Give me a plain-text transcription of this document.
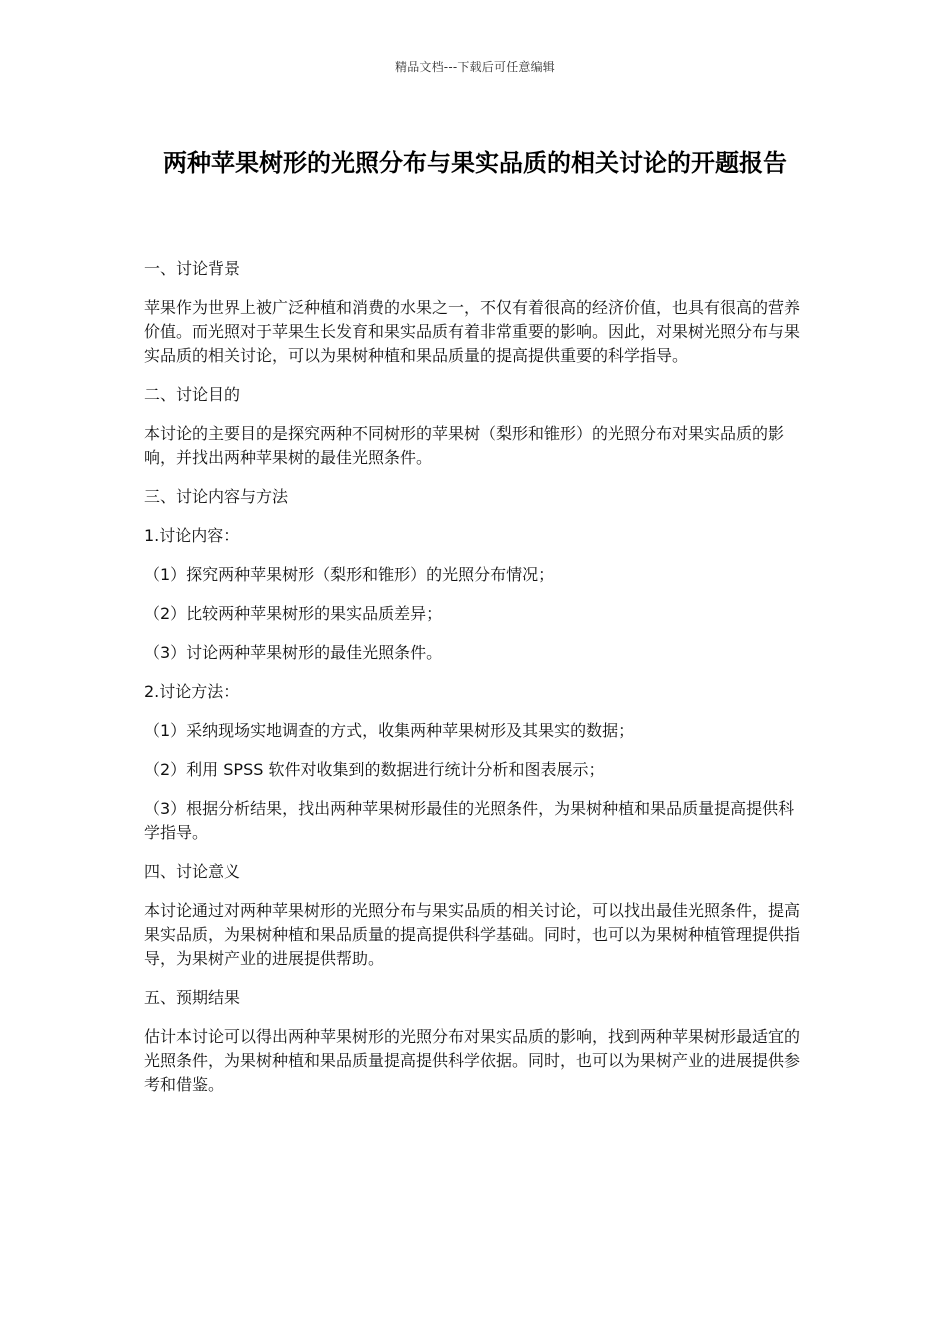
精品文档---下载后可任意编辑
两种苹果树形的光照分布与果实品质的相关讨论的开题报告

一、讨论背景

苹果作为世界上被广泛种植和消费的水果之一，不仅有着很高的经济价值，也具有很高的营养价值。而光照对于苹果生长发育和果实品质有着非常重要的影响。因此，对果树光照分布与果实品质的相关讨论，可以为果树种植和果品质量的提高提供重要的科学指导。

二、讨论目的

本讨论的主要目的是探究两种不同树形的苹果树（梨形和锥形）的光照分布对果实品质的影响，并找出两种苹果树的最佳光照条件。

三、讨论内容与方法

1.讨论内容：

（1）探究两种苹果树形（梨形和锥形）的光照分布情况；

（2）比较两种苹果树形的果实品质差异；

（3）讨论两种苹果树形的最佳光照条件。

2.讨论方法：

（1）采纳现场实地调查的方式，收集两种苹果树形及其果实的数据；

（2）利用 SPSS 软件对收集到的数据进行统计分析和图表展示；

（3）根据分析结果，找出两种苹果树形最佳的光照条件，为果树种植和果品质量提高提供科学指导。

四、讨论意义

本讨论通过对两种苹果树形的光照分布与果实品质的相关讨论，可以找出最佳光照条件，提高果实品质，为果树种植和果品质量的提高提供科学基础。同时，也可以为果树种植管理提供指导，为果树产业的进展提供帮助。

五、预期结果

估计本讨论可以得出两种苹果树形的光照分布对果实品质的影响，找到两种苹果树形最适宜的光照条件，为果树种植和果品质量提高提供科学依据。同时，也可以为果树产业的进展提供参考和借鉴。
